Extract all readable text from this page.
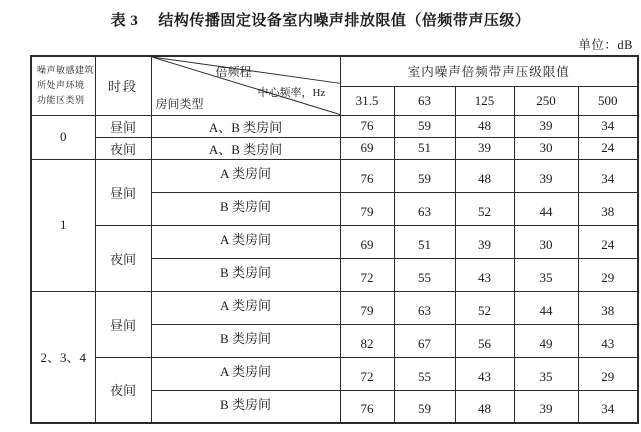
表 3 结构传播固定设备室内噪声排放限值（倍频带声压级）
单位：dB
噪声敏感建筑
所处声环境
功能区类别
	时段	
倍频程
中心频率，Hz
房间类型
	室内噪声倍频带声压级限值
			31.5	63	125	250	500
0	昼间	A、B 类房间	76	59	48	39	34
	夜间	A、B 类房间	69	51	39	30	24
1	昼间	A 类房间	76	59	48	39	34
		B 类房间	79	63	52	44	38
	夜间	A 类房间	69	51	39	30	24
		B 类房间	72	55	43	35	29
2、3、4	昼间	A 类房间	79	63	52	44	38
		B 类房间	82	67	56	49	43
	夜间	A 类房间	72	55	43	35	29
		B 类房间	76	59	48	39	34
